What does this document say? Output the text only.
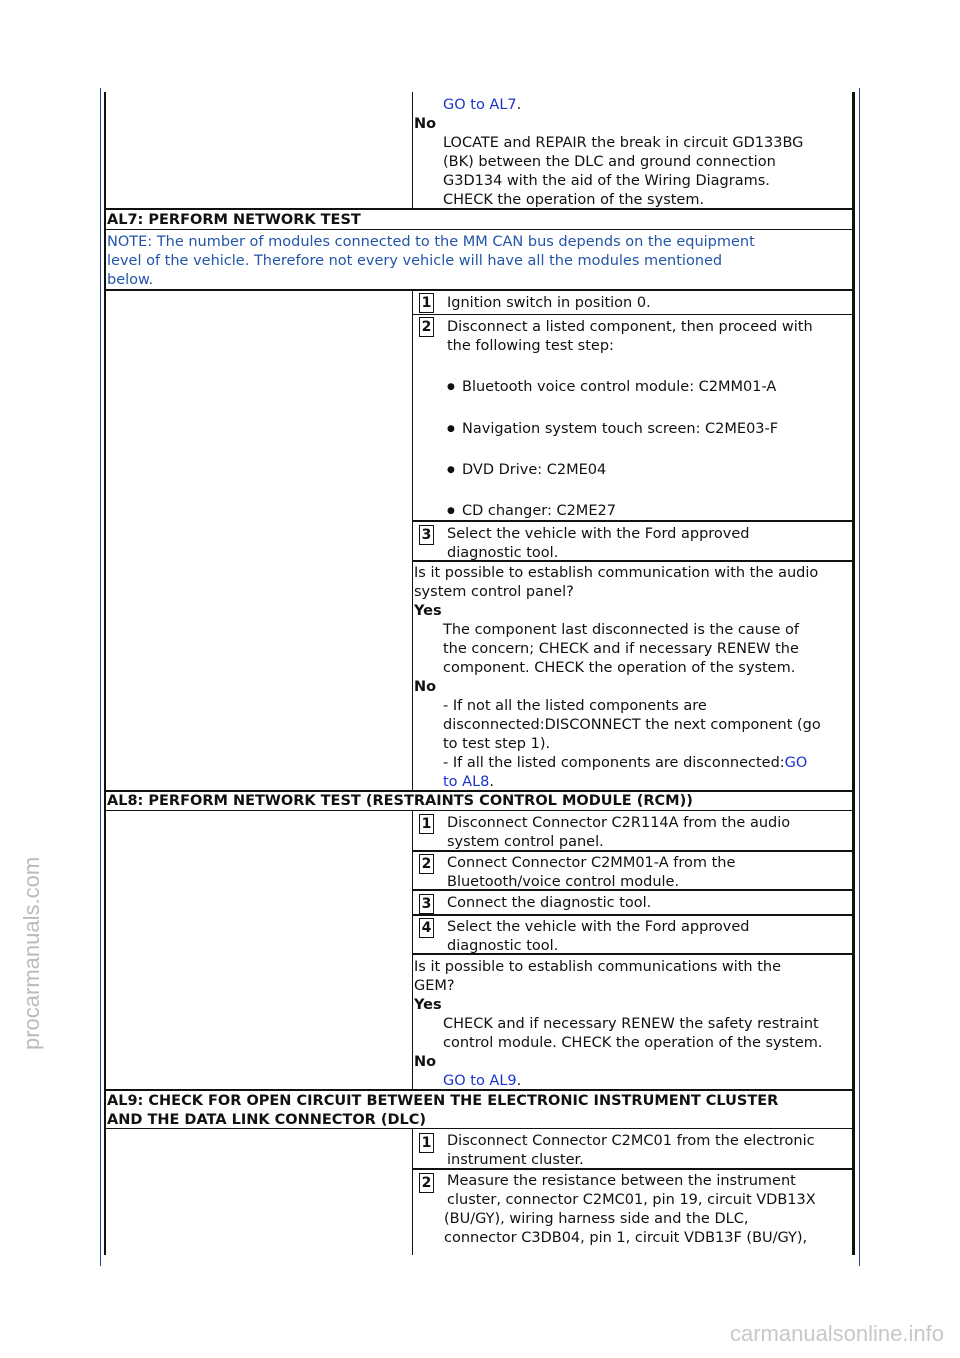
procarmanuals.com
carmanualsonline.info
GO to AL7.
No
LOCATE and REPAIR the break in circuit GD133BG
(BK) between the DLC and ground connection
G3D134 with the aid of the Wiring Diagrams.
CHECK the operation of the system.
AL7: PERFORM NETWORK TEST
NOTE: The number of modules connected to the MM CAN bus depends on the equipment
level of the vehicle. Therefore not every vehicle will have all the modules mentioned
below.
1 Ignition switch in position 0.
2 Disconnect a listed component, then proceed with
the following test step:
Bluetooth voice control module: C2MM01-A
Navigation system touch screen: C2ME03-F
DVD Drive: C2ME04
CD changer: C2ME27
3 Select the vehicle with the Ford approved
diagnostic tool.
Is it possible to establish communication with the audio
system control panel?
Yes
The component last disconnected is the cause of
the concern; CHECK and if necessary RENEW the
component. CHECK the operation of the system.
No
- If not all the listed components are
disconnected:DISCONNECT the next component (go
to test step 1).
- If all the listed components are disconnected:GO
to AL8.
AL8: PERFORM NETWORK TEST (RESTRAINTS CONTROL MODULE (RCM))
1 Disconnect Connector C2R114A from the audio
system control panel.
2 Connect Connector C2MM01-A from the
Bluetooth/voice control module.
3 Connect the diagnostic tool.
4 Select the vehicle with the Ford approved
diagnostic tool.
Is it possible to establish communications with the
GEM?
Yes
CHECK and if necessary RENEW the safety restraint
control module. CHECK the operation of the system.
No
GO to AL9.
AL9: CHECK FOR OPEN CIRCUIT BETWEEN THE ELECTRONIC INSTRUMENT CLUSTER
AND THE DATA LINK CONNECTOR (DLC)
1 Disconnect Connector C2MC01 from the electronic
instrument cluster.
2 Measure the resistance between the instrument
cluster, connector C2MC01, pin 19, circuit VDB13X
(BU/GY), wiring harness side and the DLC,
connector C3DB04, pin 1, circuit VDB13F (BU/GY),
